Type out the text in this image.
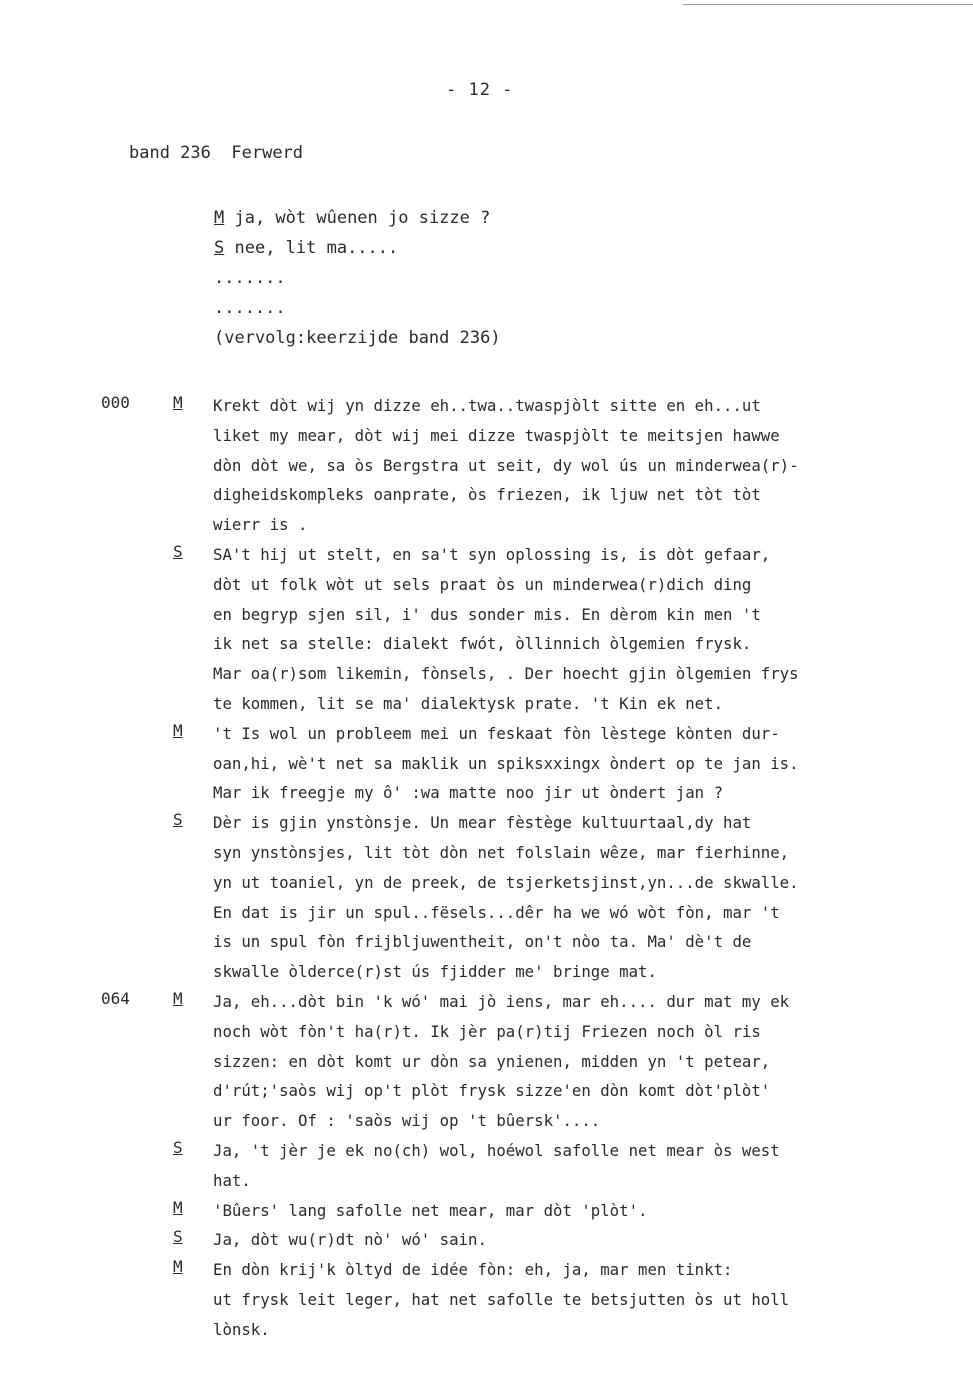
- 12 -
band 236 Ferwerd
M ja, wòt wûenen jo sizze ?
S nee, lit ma.....
.......
.......
(vervolg:keerzijde band 236)
000	M Krekt dòt wij yn dizze eh..twa..twaspjòlt sitte en eh...ut
liket my mear, dòt wij mei dizze twaspjòlt te meitsjen hawwe
dòn dòt we, sa òs Bergstra ut seit, dy wol ús un minderwea(r)-
digheidskompleks oanprate, òs friezen, ik ljuw net tòt tòt
wierr is .
S SA't hij ut stelt, en sa't syn oplossing is, is dòt gefaar,
dòt ut folk wòt ut sels praat òs un minderwea(r)dich ding
en begryp sjen sil, i' dus sonder mis. En dèrom kin men 't
ik net sa stelle: dialekt fwót, òllinnich òlgemien frysk.
Mar oa(r)som likemin, fònsels, . Der hoecht gjin òlgemien frys
te kommen, lit se ma' dialektysk prate. 't Kin ek net.
M 't Is wol un probleem mei un feskaat fòn lèstege kònten dur-
oan,hi, wè't net sa maklik un spiksxxingx òndert op te jan is.
Mar ik freegje my ô' :wa matte noo jir ut òndert jan ?
S Dèr is gjin ynstònsje. Un mear fèstège kultuurtaal,dy hat
syn ynstònsjes, lit tòt dòn net folslain wêze, mar fierhinne,
yn ut toaniel, yn de preek, de tsjerketsjinst,yn...de skwalle.
En dat is jir un spul..fësels...dêr ha we wó wòt fòn, mar 't
is un spul fòn frijbljuwentheit, on't nòo ta. Ma' dè't de
skwalle òlderce(r)st ús fjidder me' bringe mat.
064	M Ja, eh...dòt bin 'k wó' mai jò iens, mar eh.... dur mat my ek
noch wòt fòn't ha(r)t. Ik jèr pa(r)tij Friezen noch òl ris
sizzen: en dòt komt ur dòn sa ynienen, midden yn 't petear,
d'rút;'saòs wij op't plòt frysk sizze'en dòn komt dòt'plòt'
ur foor. Of : 'saòs wij op 't bûersk'....
S Ja, 't jèr je ek no(ch) wol, hoéwol safolle net mear òs west
hat.
M 'Bûers' lang safolle net mear, mar dòt 'plòt'.
S Ja, dòt wu(r)dt nò' wó' sain.
M En dòn krij'k òltyd de idée fòn: eh, ja, mar men tinkt:
ut frysk leit leger, hat net safolle te betsjutten òs ut holl
lònsk.
